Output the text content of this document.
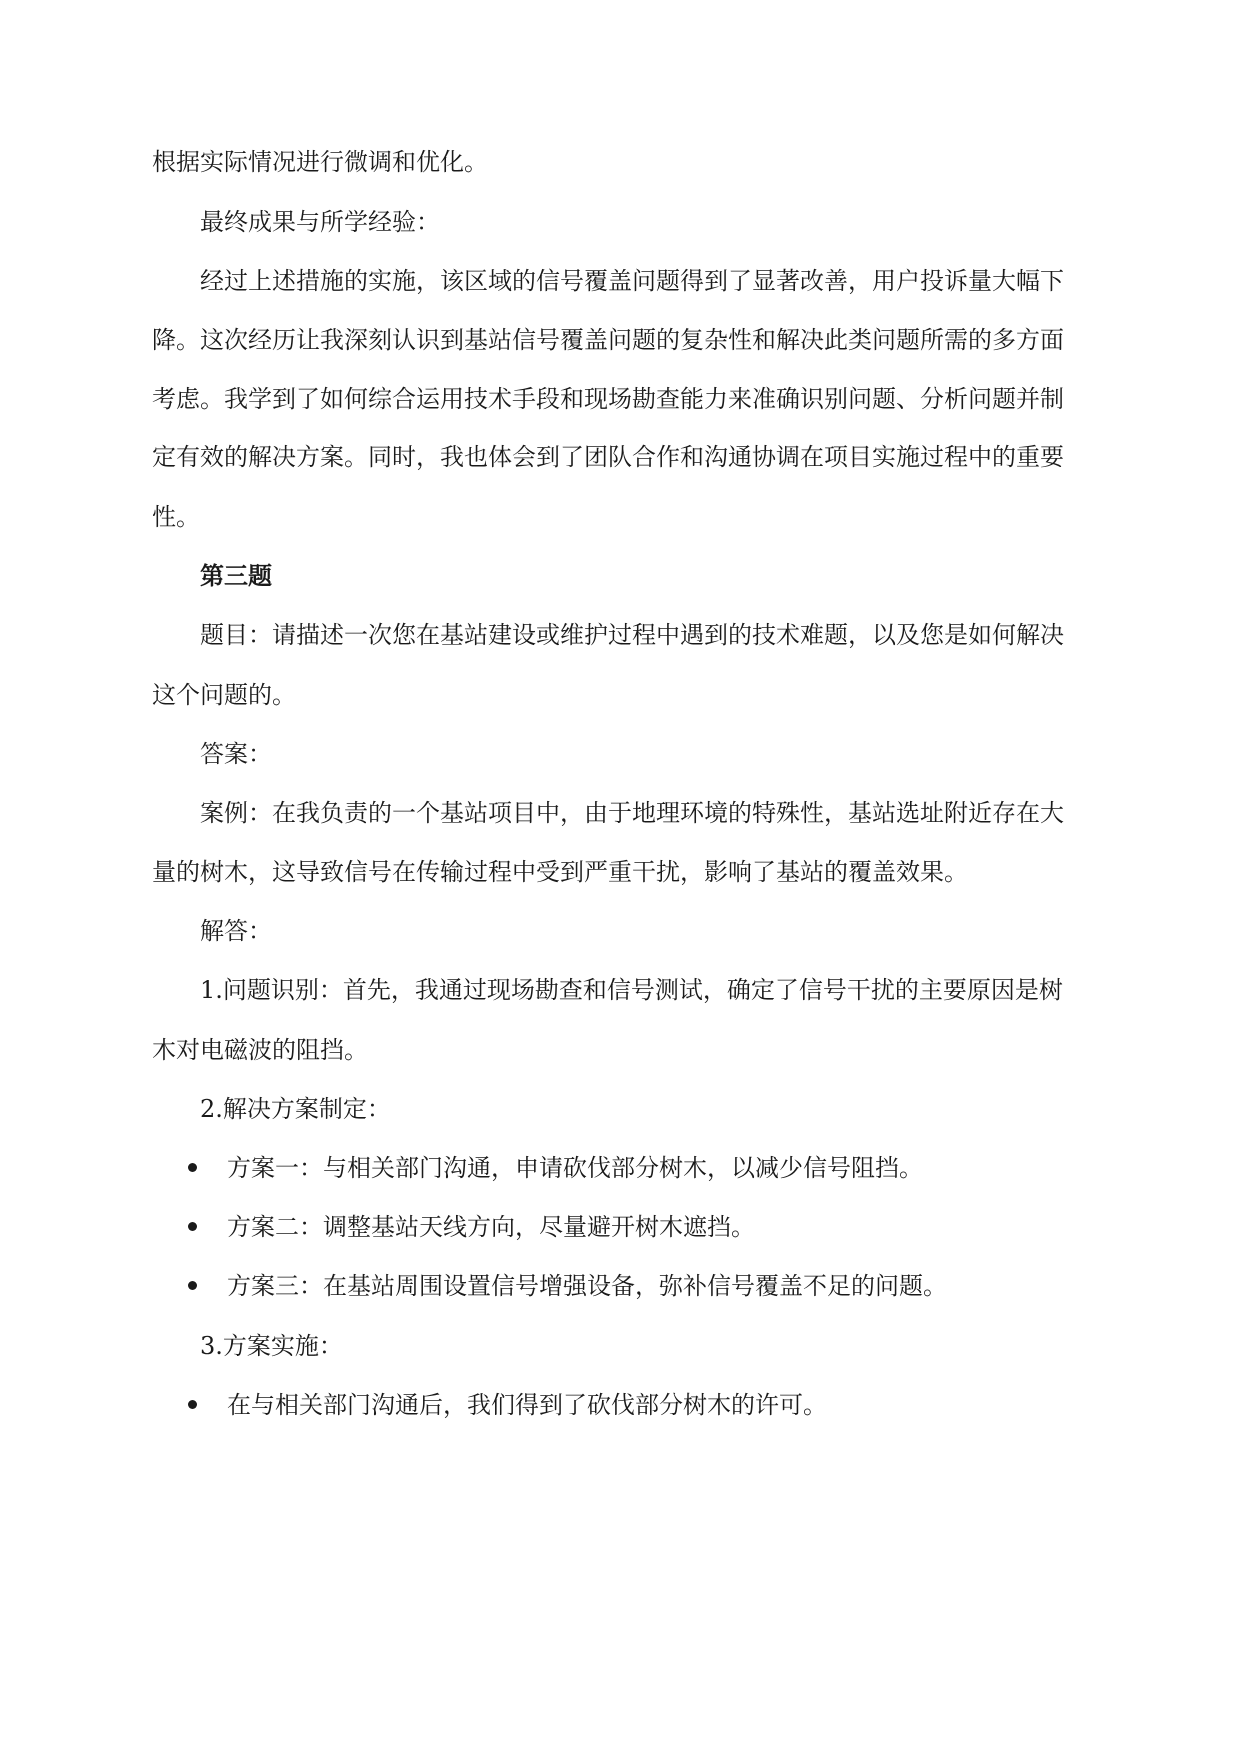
根据实际情况进行微调和优化。
最终成果与所学经验：
经过上述措施的实施，该区域的信号覆盖问题得到了显著改善，用户投诉量大幅下
降。这次经历让我深刻认识到基站信号覆盖问题的复杂性和解决此类问题所需的多方面
考虑。我学到了如何综合运用技术手段和现场勘查能力来准确识别问题、分析问题并制
定有效的解决方案。同时，我也体会到了团队合作和沟通协调在项目实施过程中的重要
性。
第三题
题目：请描述一次您在基站建设或维护过程中遇到的技术难题，以及您是如何解决
这个问题的。
答案：
案例：在我负责的一个基站项目中，由于地理环境的特殊性，基站选址附近存在大
量的树木，这导致信号在传输过程中受到严重干扰，影响了基站的覆盖效果。
解答：
1.问题识别：首先，我通过现场勘查和信号测试，确定了信号干扰的主要原因是树
木对电磁波的阻挡。
2.解决方案制定：
方案一：与相关部门沟通，申请砍伐部分树木，以减少信号阻挡。
方案二：调整基站天线方向，尽量避开树木遮挡。
方案三：在基站周围设置信号增强设备，弥补信号覆盖不足的问题。
3.方案实施：
在与相关部门沟通后，我们得到了砍伐部分树木的许可。
